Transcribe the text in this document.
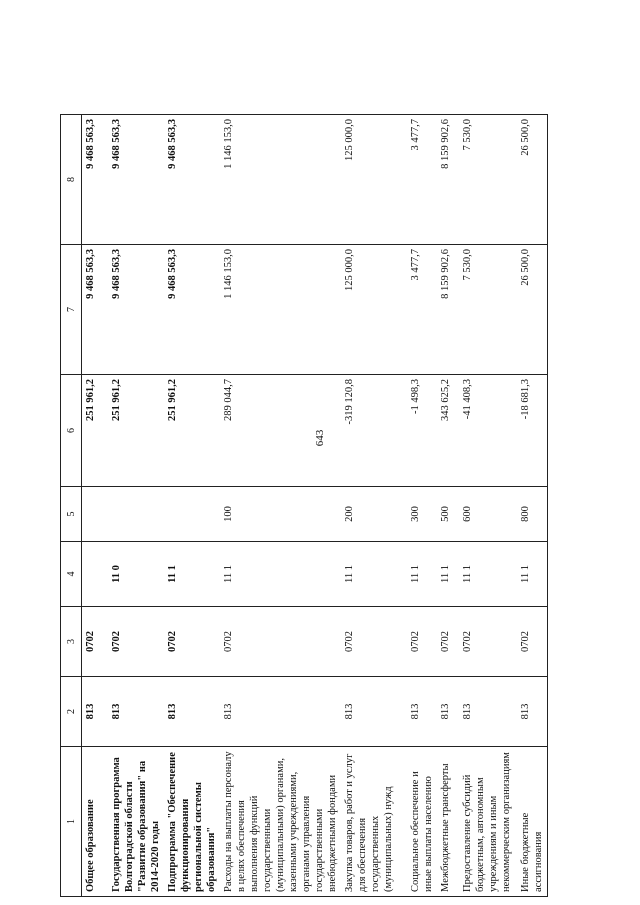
643
1	2	3	4	5	6	7	8
Общее образование	813	0702			251 961,2	9 468 563,3	9 468 563,3
Государственная программа Волгоградской области "Развитие образования" на 2014-2020 годы	813	0702	11 0		251 961,2	9 468 563,3	9 468 563,3
Подпрограмма "Обеспечение функционирования региональной системы образования"	813	0702	11 1		251 961,2	9 468 563,3	9 468 563,3
Расходы на выплаты персоналу в целях обеспечения выполнения функций государственными (муниципальными) органами, казенными учреждениями, органами управления государственными внебюджетными фондами	813	0702	11 1	100	289 044,7	1 146 153,0	1 146 153,0
Закупка товаров, работ и услуг для обеспечения государственных (муниципальных) нужд	813	0702	11 1	200	-319 120,8	125 000,0	125 000,0
Социальное обеспечение и иные выплаты населению	813	0702	11 1	300	-1 498,3	3 477,7	3 477,7
Межбюджетные трансферты	813	0702	11 1	500	343 625,2	8 159 902,6	8 159 902,6
Предоставление субсидий бюджетным, автономным учреждениям и иным некоммерческим организациям	813	0702	11 1	600	-41 408,3	7 530,0	7 530,0
Иные бюджетные ассигнования	813	0702	11 1	800	-18 681,3	26 500,0	26 500,0
